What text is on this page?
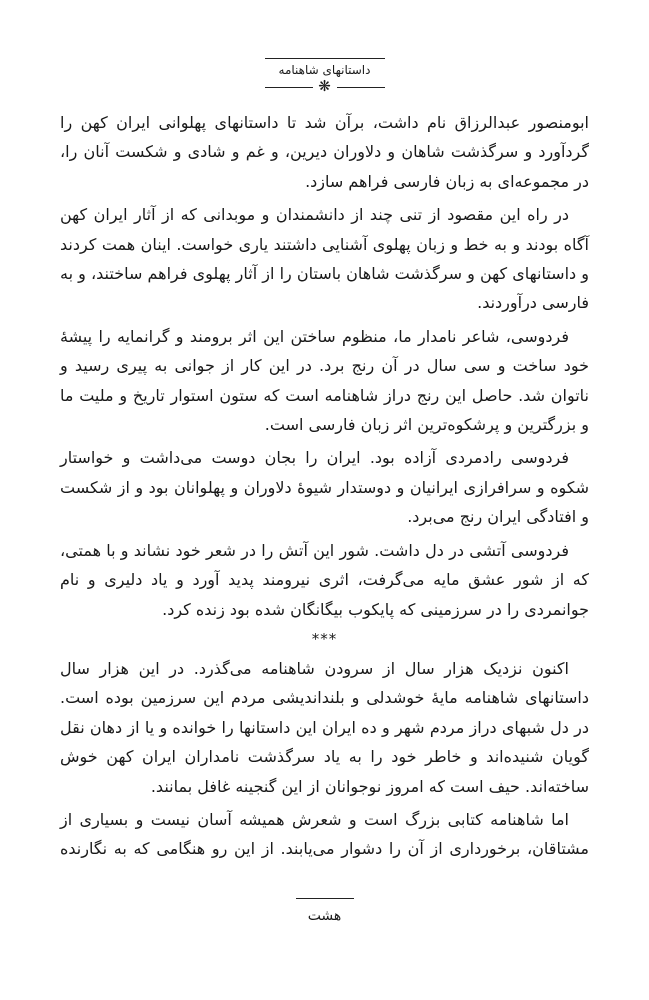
داستانهای شاهنامه
❋

ابومنصور عبدالرزاق نام داشت، برآن شد تا داستانهای پهلوانی ایران کهن را گردآورد و سرگذشت شاهان و دلاوران دیرین، و غم و شادی و شکست آنان را، در مجموعه‌ای به زبان فارسی فراهم سازد.

در راه این مقصود از تنی چند از دانشمندان و موبدانی که از آثار ایران کهن آگاه بودند و به خط و زبان پهلوی آشنایی داشتند یاری خواست. اینان همت کردند و داستانهای کهن و سرگذشت شاهان باستان را از آثار پهلوی فراهم ساختند، و به فارسی درآوردند.

فردوسی، شاعر نامدار ما، منظوم ساختن این اثر برومند و گرانمایه را پیشهٔ خود ساخت و سی سال در آن رنج برد. در این کار از جوانی به پیری رسید و ناتوان شد. حاصل این رنج دراز شاهنامه است که ستون استوار تاریخ و ملیت ما و بزرگترین و پرشکوه‌ترین اثر زبان فارسی است.

فردوسی رادمردی آزاده بود. ایران را بجان دوست می‌داشت و خواستار شکوه و سرافرازی ایرانیان و دوستدار شیوهٔ دلاوران و پهلوانان بود و از شکست و افتادگی ایران رنج می‌برد.

فردوسی آتشی در دل داشت. شور این آتش را در شعر خود نشاند و با همتی، که از شور عشق مایه می‌گرفت، اثری نیرومند پدید آورد و یاد دلیری و نام جوانمردی را در سرزمینی که پایکوب بیگانگان شده بود زنده کرد.

***

اکنون نزدیک هزار سال از سرودن شاهنامه می‌گذرد. در این هزار سال داستانهای شاهنامه مایهٔ خوشدلی و بلنداندیشی مردم این سرزمین بوده است. در دل شبهای دراز مردم شهر و ده ایران این داستانها را خوانده و یا از دهان نقل گویان شنیده‌اند و خاطر خود را به یاد سرگذشت نامداران ایران کهن خوش ساخته‌اند. حیف است که امروز نوجوانان از این گنجینه غافل بمانند.

اما شاهنامه کتابی بزرگ است و شعرش همیشه آسان نیست و بسیاری از مشتاقان، برخورداری از آن را دشوار می‌یابند. از این رو هنگامی که به نگارنده

هشت
